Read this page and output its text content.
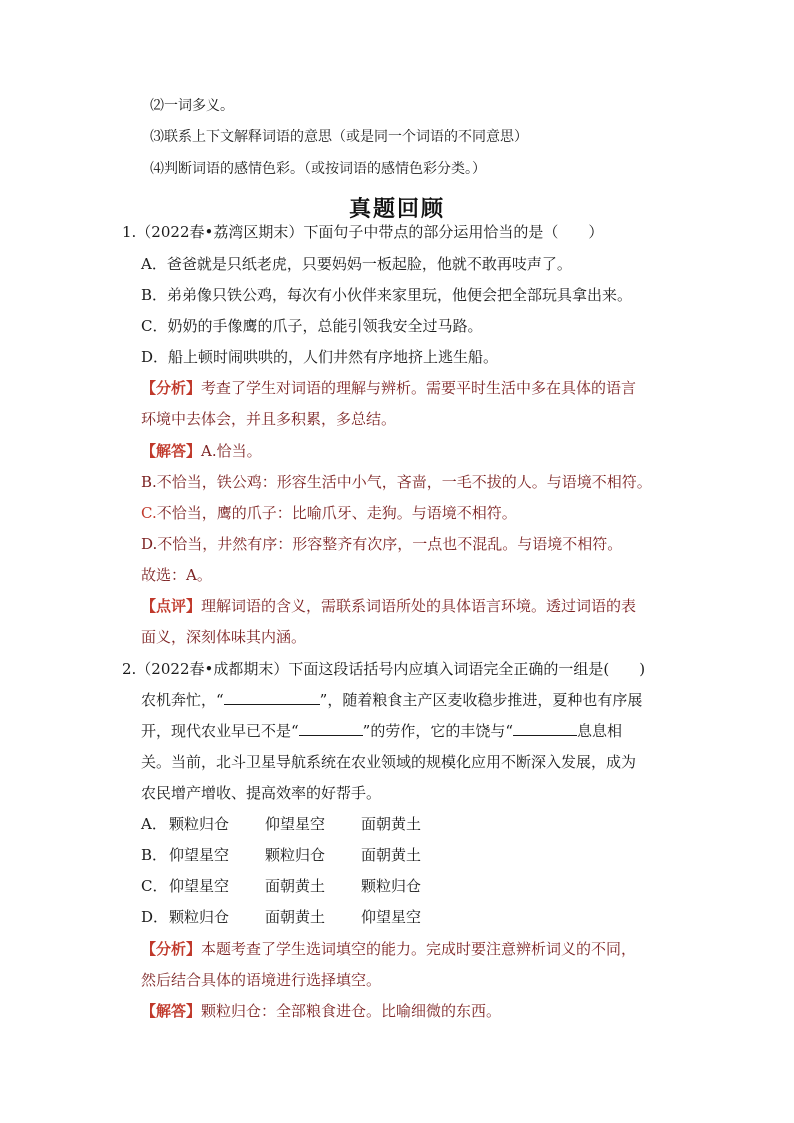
⑵一词多义。
⑶联系上下文解释词语的意思（或是同一个词语的不同意思）
⑷判断词语的感情色彩。（或按词语的感情色彩分类。）
真题回顾
1.（2022春•荔湾区期末）下面句子中带点的部分运用恰当的是（　　）
A．爸爸就是只纸老虎，只要妈妈一板起脸，他就不敢再吱声了。
B．弟弟像只铁公鸡，每次有小伙伴来家里玩，他便会把全部玩具拿出来。
C．奶奶的手像鹰的爪子，总能引领我安全过马路。
D．船上顿时闹哄哄的，人们井然有序地挤上逃生船。
【分析】考查了学生对词语的理解与辨析。需要平时生活中多在具体的语言
环境中去体会，并且多积累，多总结。
【解答】A.恰当。
B.不恰当，铁公鸡：形容生活中小气，吝啬，一毛不拔的人。与语境不相符。
C.不恰当，鹰的爪子：比喻爪牙、走狗。与语境不相符。
D.不恰当，井然有序：形容整齐有次序，一点也不混乱。与语境不相符。
故选：A。
【点评】理解词语的含义，需联系词语所处的具体语言环境。透过词语的表
面义，深刻体味其内涵。
2.（2022春•成都期末）下面这段话括号内应填入词语完全正确的一组是(　　)
农机奔忙，“	”，随着粮食主产区麦收稳步推进，夏种也有序展
开，现代农业早已不是“	”的劳作，它的丰饶与“	息息相
关。当前，北斗卫星导航系统在农业领域的规模化应用不断深入发展，成为
农民增产增收、提高效率的好帮手。
A． 颗粒归仓 仰望星空 面朝黄土
B． 仰望星空 颗粒归仓 面朝黄土
C． 仰望星空 面朝黄土 颗粒归仓
D．颗粒归仓 面朝黄土 仰望星空
【分析】本题考查了学生选词填空的能力。完成时要注意辨析词义的不同，
然后结合具体的语境进行选择填空。
【解答】颗粒归仓：全部粮食进仓。比喻细微的东西。
